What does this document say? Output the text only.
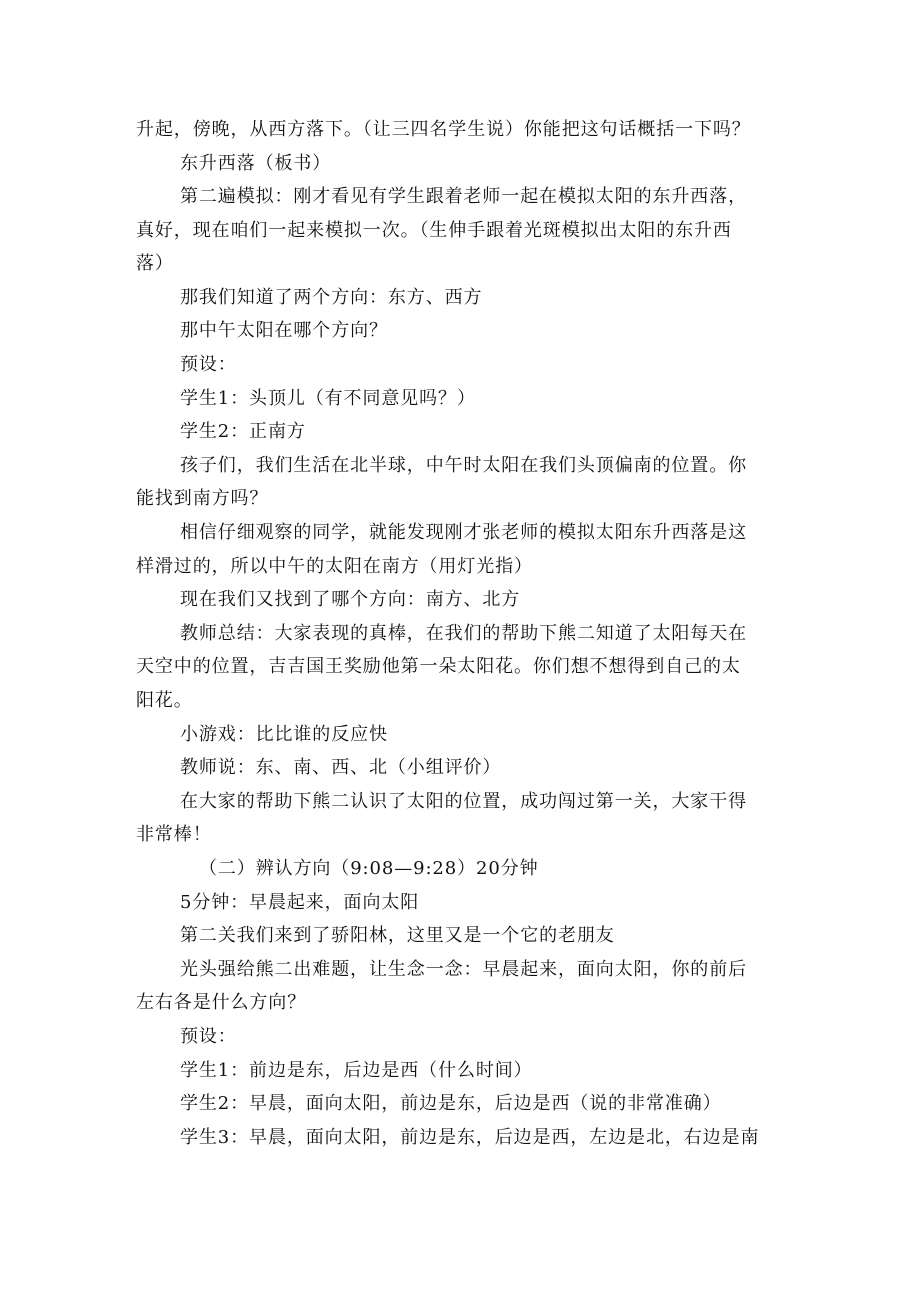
升起，傍晚，从西方落下。（让三四名学生说）你能把这句话概括一下吗？
东升西落（板书）
第二遍模拟：刚才看见有学生跟着老师一起在模拟太阳的东升西落，
真好，现在咱们一起来模拟一次。（生伸手跟着光斑模拟出太阳的东升西
落）
那我们知道了两个方向：东方、西方
那中午太阳在哪个方向？
预设：
学生1：头顶儿（有不同意见吗？）
学生2：正南方
孩子们，我们生活在北半球，中午时太阳在我们头顶偏南的位置。你
能找到南方吗？
相信仔细观察的同学，就能发现刚才张老师的模拟太阳东升西落是这
样滑过的，所以中午的太阳在南方（用灯光指）
现在我们又找到了哪个方向：南方、北方
教师总结：大家表现的真棒，在我们的帮助下熊二知道了太阳每天在
天空中的位置，吉吉国王奖励他第一朵太阳花。你们想不想得到自己的太
阳花。
小游戏：比比谁的反应快
教师说：东、南、西、北（小组评价）
在大家的帮助下熊二认识了太阳的位置，成功闯过第一关，大家干得
非常棒！
（二）辨认方向（9:08—9:28）20分钟
5分钟：早晨起来，面向太阳
第二关我们来到了骄阳林，这里又是一个它的老朋友
光头强给熊二出难题，让生念一念：早晨起来，面向太阳，你的前后
左右各是什么方向？
预设：
学生1：前边是东，后边是西（什么时间）
学生2：早晨，面向太阳，前边是东，后边是西（说的非常准确）
学生3：早晨，面向太阳，前边是东，后边是西，左边是北，右边是南
